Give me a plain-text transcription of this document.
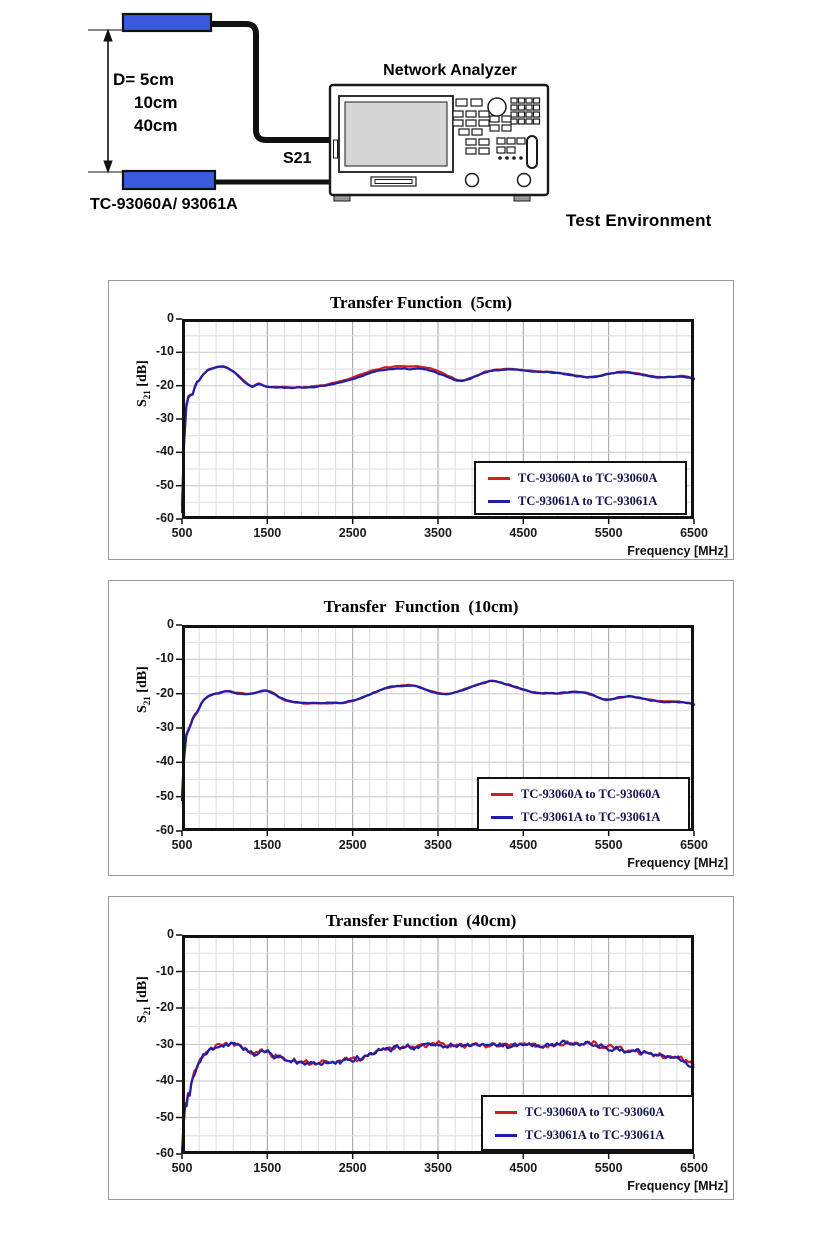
Network Analyzer
D= 5cm
10cm
40cm
S21
TC-93060A/ 93061A
Test Environment
Transfer Function  (5cm)
$S_{21}$ [dB]
Frequency [MHz]
TC-93060A to TC-93060A
TC-93061A to TC-93061A
500	1500	2500	3500	4500	5500	6500
0
-10
-20
-30
-40
-50
-60
Transfer  Function  (10cm)
$S_{21}$ [dB]
Frequency [MHz]
TC-93060A to TC-93060A
TC-93061A to TC-93061A
500	1500	2500	3500	4500	5500	6500
0
-10
-20
-30
-40
-50
-60
Transfer Function  (40cm)
$S_{21}$ [dB]
Frequency [MHz]
TC-93060A to TC-93060A
TC-93061A to TC-93061A
500	1500	2500	3500	4500	5500	6500
0
-10
-20
-30
-40
-50
-60
